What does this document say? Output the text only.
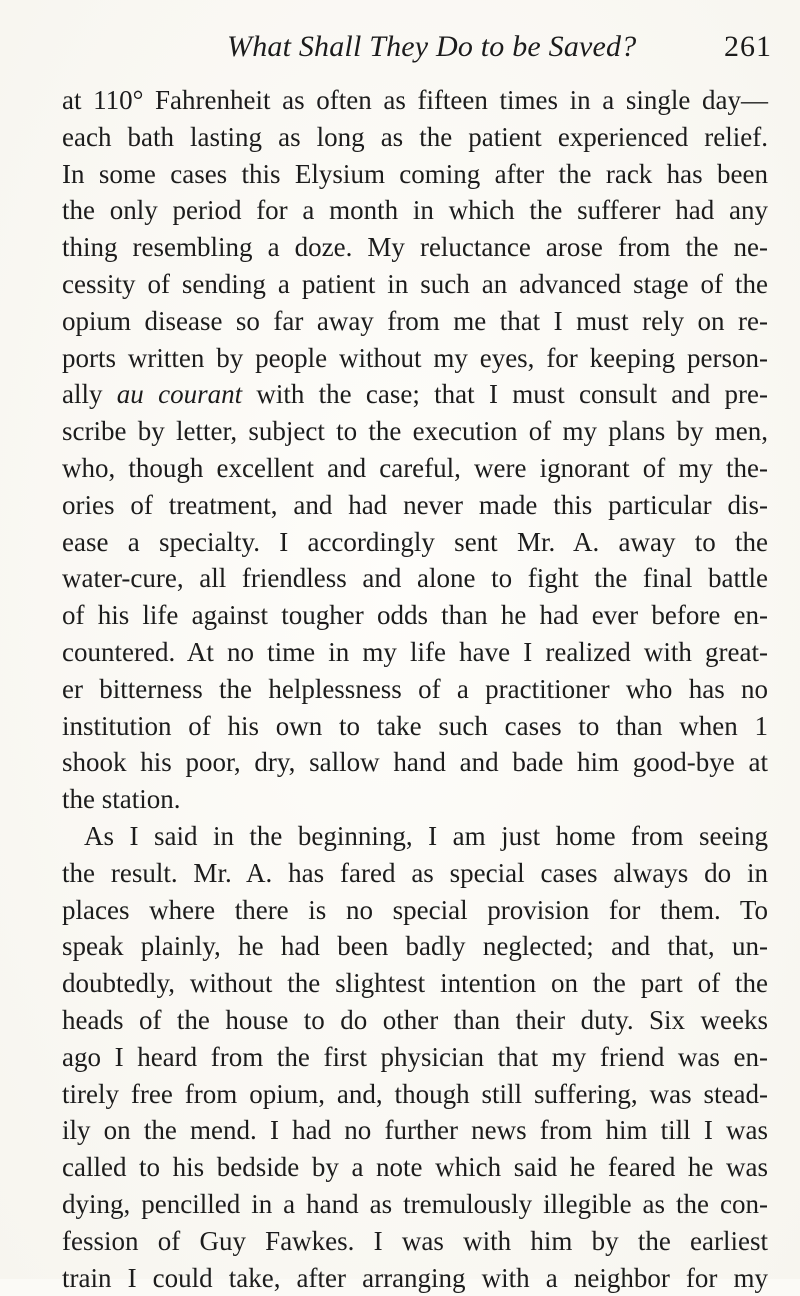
What Shall They Do to be Saved?	261
at 110° Fahrenheit as often as fifteen times in a single day—
each bath lasting as long as the patient experienced relief.
In some cases this Elysium coming after the rack has been
the only period for a month in which the sufferer had any
thing resembling a doze. My reluctance arose from the ne-
cessity of sending a patient in such an advanced stage of the
opium disease so far away from me that I must rely on re-
ports written by people without my eyes, for keeping person-
ally au courant with the case; that I must consult and pre-
scribe by letter, subject to the execution of my plans by men,
who, though excellent and careful, were ignorant of my the-
ories of treatment, and had never made this particular dis-
ease a specialty. I accordingly sent Mr. A. away to the
water-cure, all friendless and alone to fight the final battle
of his life against tougher odds than he had ever before en-
countered. At no time in my life have I realized with great-
er bitterness the helplessness of a practitioner who has no
institution of his own to take such cases to than when 1
shook his poor, dry, sallow hand and bade him good-bye at
the station.
As I said in the beginning, I am just home from seeing
the result. Mr. A. has fared as special cases always do in
places where there is no special provision for them. To
speak plainly, he had been badly neglected; and that, un-
doubtedly, without the slightest intention on the part of the
heads of the house to do other than their duty. Six weeks
ago I heard from the first physician that my friend was en-
tirely free from opium, and, though still suffering, was stead-
ily on the mend. I had no further news from him till I was
called to his bedside by a note which said he feared he was
dying, pencilled in a hand as tremulously illegible as the con-
fession of Guy Fawkes. I was with him by the earliest
train I could take, after arranging with a neighbor for my
